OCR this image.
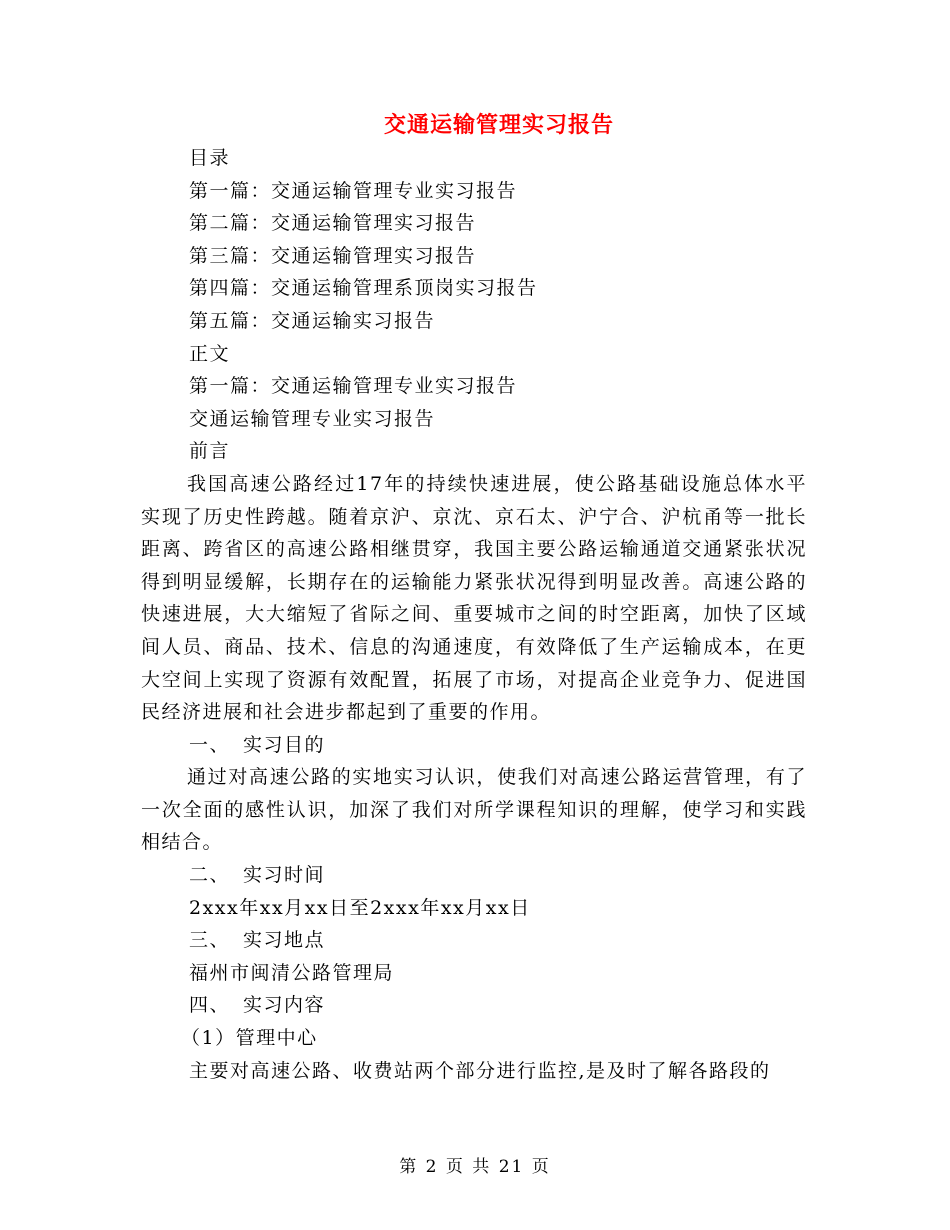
交通运输管理实习报告
目录
第一篇：交通运输管理专业实习报告
第二篇：交通运输管理实习报告
第三篇：交通运输管理实习报告
第四篇：交通运输管理系顶岗实习报告
第五篇：交通运输实习报告
正文
第一篇：交通运输管理专业实习报告
交通运输管理专业实习报告
前言
我国高速公路经过17年的持续快速进展，使公路基础设施总体水平实现了历史性跨越。随着京沪、京沈、京石太、沪宁合、沪杭甬等一批长距离、跨省区的高速公路相继贯穿，我国主要公路运输通道交通紧张状况得到明显缓解，长期存在的运输能力紧张状况得到明显改善。高速公路的快速进展，大大缩短了省际之间、重要城市之间的时空距离，加快了区域间人员、商品、技术、信息的沟通速度，有效降低了生产运输成本，在更大空间上实现了资源有效配置，拓展了市场，对提高企业竞争力、促进国民经济进展和社会进步都起到了重要的作用。
一、 实习目的
通过对高速公路的实地实习认识，使我们对高速公路运营管理，有了一次全面的感性认识，加深了我们对所学课程知识的理解，使学习和实践相结合。
二、 实习时间
2xxx年xx月xx日至2xxx年xx月xx日
三、 实习地点
福州市闽清公路管理局
四、 实习内容
（1）管理中心
主要对高速公路、收费站两个部分进行监控,是及时了解各路段的
第 2 页 共 21 页
